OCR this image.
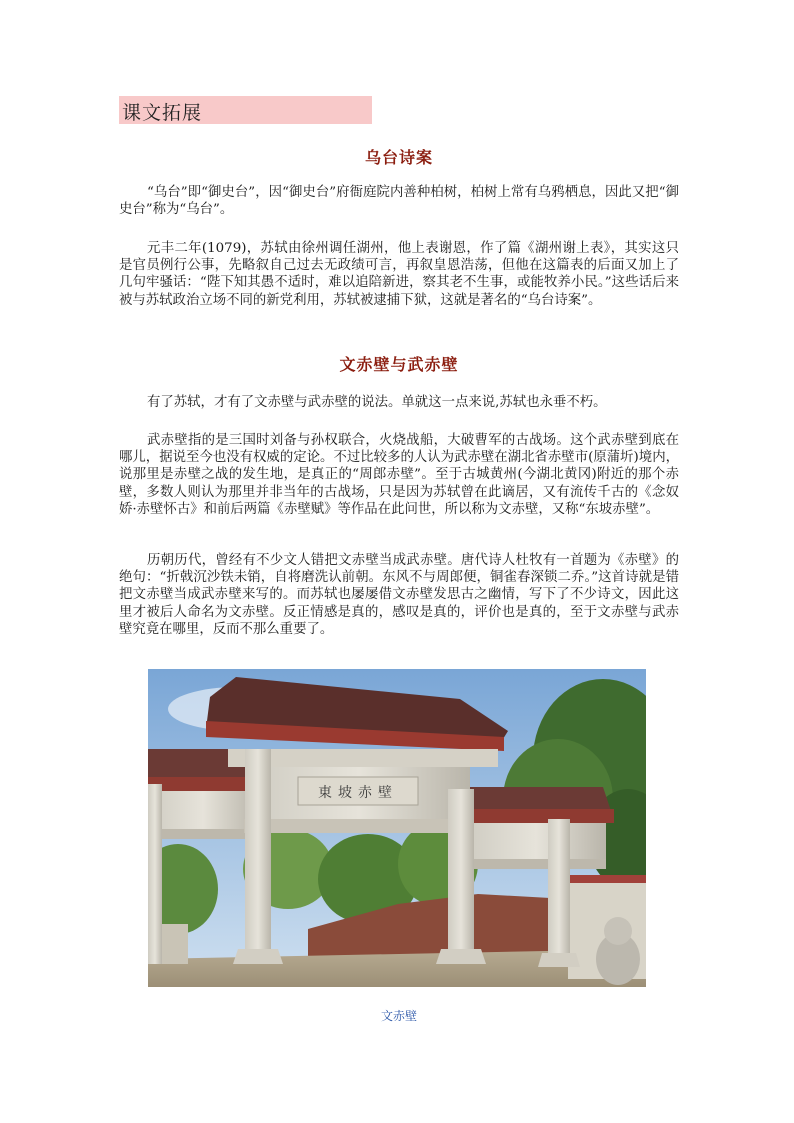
课文拓展
乌台诗案

“乌台”即“御史台”，因“御史台”府衙庭院内善种柏树，柏树上常有乌鸦栖息，因此又把“御史台”称为“乌台”。

元丰二年(1079)，苏轼由徐州调任湖州，他上表谢恩，作了篇《湖州谢上表》，其实这只是官员例行公事，先略叙自己过去无政绩可言，再叙皇恩浩荡，但他在这篇表的后面又加上了几句牢骚话：“陛下知其愚不适时，难以追陪新进，察其老不生事，或能牧养小民。”这些话后来被与苏轼政治立场不同的新党利用，苏轼被逮捕下狱，这就是著名的“乌台诗案”。

文赤壁与武赤壁

有了苏轼，才有了文赤壁与武赤壁的说法。单就这一点来说,苏轼也永垂不朽。

武赤壁指的是三国时刘备与孙权联合，火烧战船，大破曹军的古战场。这个武赤壁到底在哪儿，据说至今也没有权威的定论。不过比较多的人认为武赤壁在湖北省赤壁市(原蒲圻)境内，说那里是赤壁之战的发生地，是真正的“周郎赤壁”。至于古城黄州(今湖北黄冈)附近的那个赤壁，多数人则认为那里并非当年的古战场，只是因为苏轼曾在此谪居，又有流传千古的《念奴娇·赤壁怀古》和前后两篇《赤壁赋》等作品在此问世，所以称为文赤壁，又称“东坡赤壁”。

历朝历代，曾经有不少文人错把文赤壁当成武赤壁。唐代诗人杜牧有一首题为《赤壁》的绝句：“折戟沉沙铁未销，自将磨洗认前朝。东风不与周郎便，铜雀春深锁二乔。”这首诗就是错把文赤壁当成武赤壁来写的。而苏轼也屡屡借文赤壁发思古之幽情，写下了不少诗文，因此这里才被后人命名为文赤壁。反正情感是真的，感叹是真的，评价也是真的，至于文赤壁与武赤壁究竟在哪里，反而不那么重要了。

東坡赤壁
文赤壁
